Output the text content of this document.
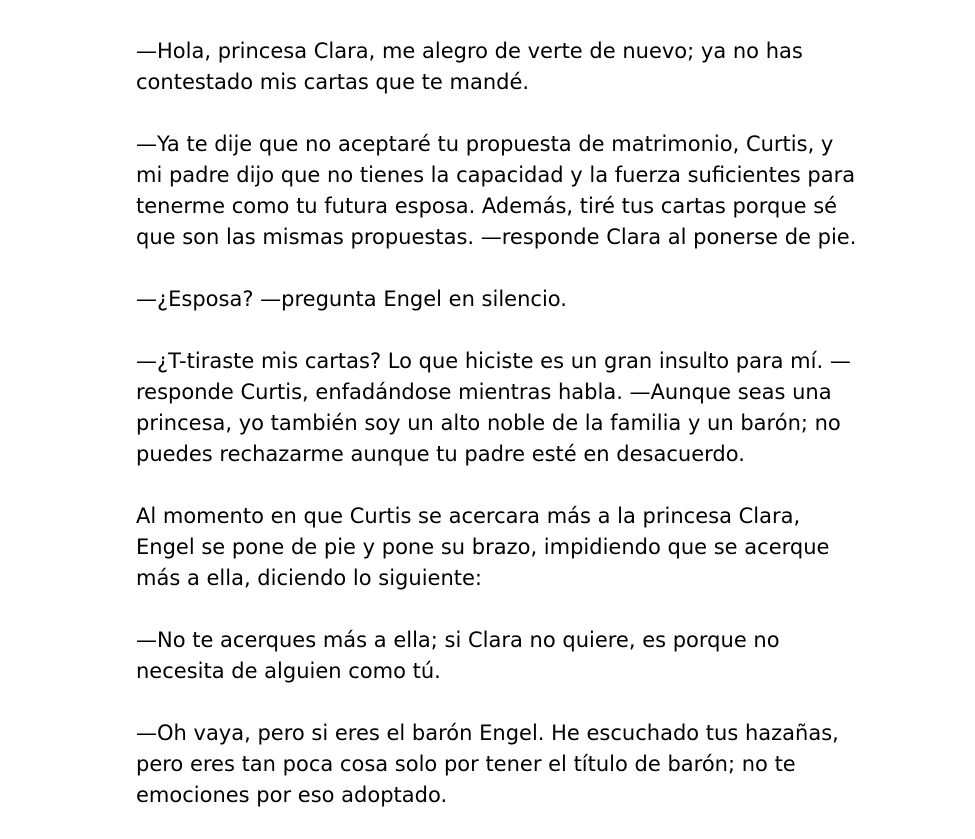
—Hola, princesa Clara, me alegro de verte de nuevo; ya no has
contestado mis cartas que te mandé.

—Ya te dije que no aceptaré tu propuesta de matrimonio, Curtis, y
mi padre dijo que no tienes la capacidad y la fuerza suficientes para
tenerme como tu futura esposa. Además, tiré tus cartas porque sé
que son las mismas propuestas. —responde Clara al ponerse de pie.

—¿Esposa? —pregunta Engel en silencio.

—¿T-tiraste mis cartas? Lo que hiciste es un gran insulto para mí. —
responde Curtis, enfadándose mientras habla. —Aunque seas una
princesa, yo también soy un alto noble de la familia y un barón; no
puedes rechazarme aunque tu padre esté en desacuerdo.

Al momento en que Curtis se acercara más a la princesa Clara,
Engel se pone de pie y pone su brazo, impidiendo que se acerque
más a ella, diciendo lo siguiente:

—No te acerques más a ella; si Clara no quiere, es porque no
necesita de alguien como tú.

—Oh vaya, pero si eres el barón Engel. He escuchado tus hazañas,
pero eres tan poca cosa solo por tener el título de barón; no te
emociones por eso adoptado.
